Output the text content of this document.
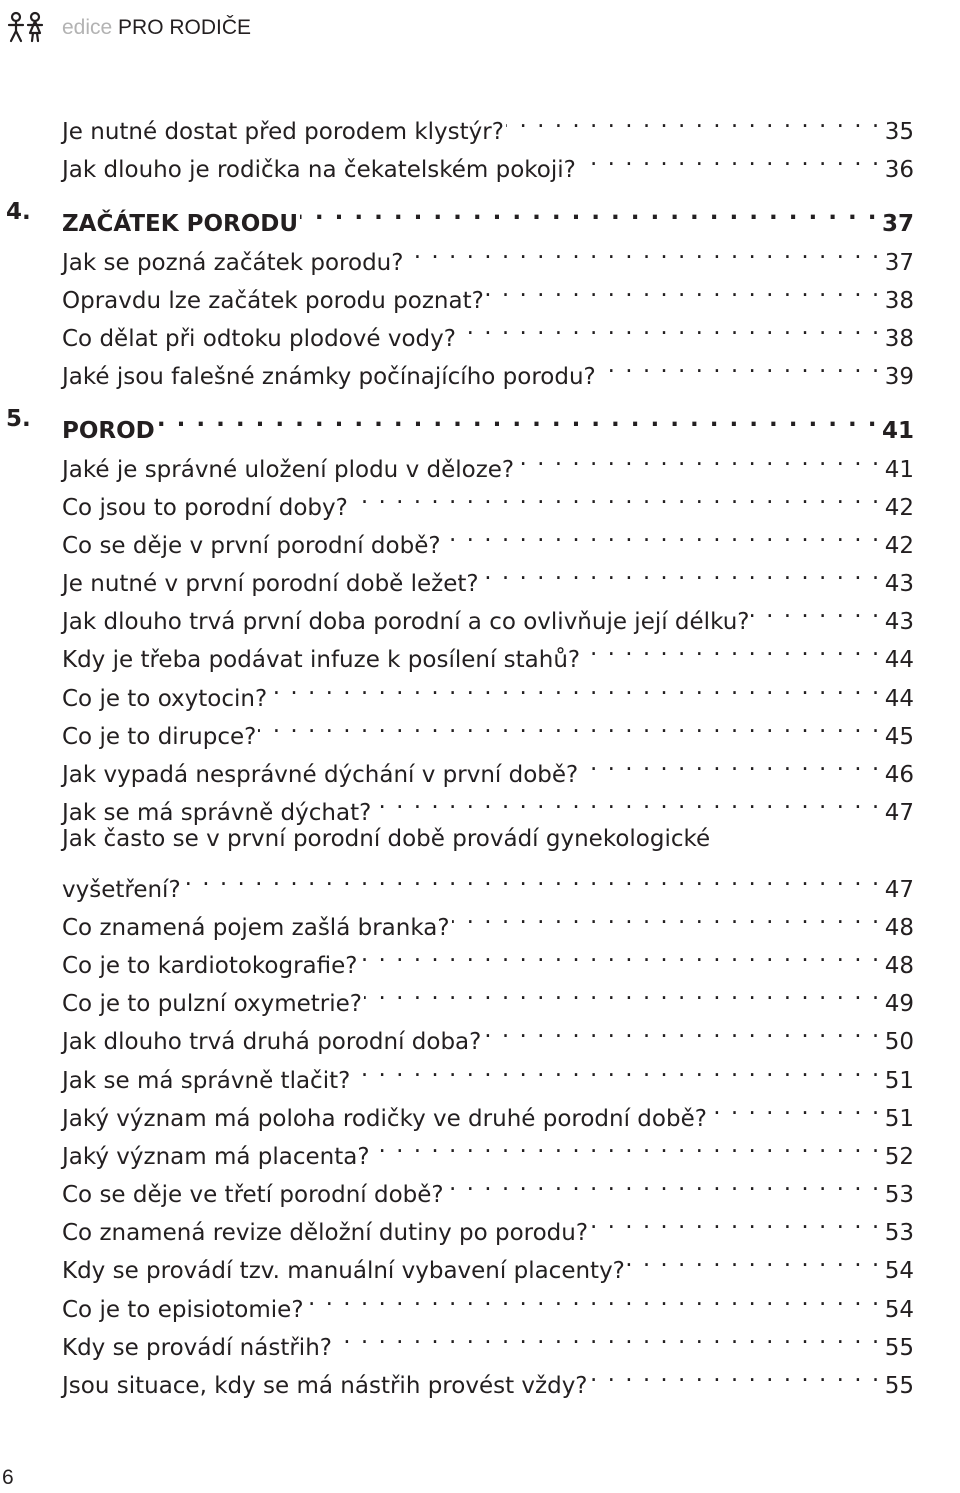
edice PRO RODIČE
Je nutné dostat před porodem klystýr? . . .	35
Jak dlouho je rodička na čekatelském pokoji? . . .	36
4. ZAČÁTEK PORODU . . .	37
Jak se pozná začátek porodu? . . .	37
Opravdu lze začátek porodu poznat? . . .	38
Co dělat při odtoku plodové vody? . . .	38
Jaké jsou falešné známky počínajícího porodu? . . .	39
5. POROD . . .	41
Jaké je správné uložení plodu v děloze? . . .	41
Co jsou to porodní doby? . . .	42
Co se děje v první porodní době? . . .	42
Je nutné v první porodní době ležet? . . .	43
Jak dlouho trvá první doba porodní a co ovlivňuje její délku? . . .	43
Kdy je třeba podávat infuze k posílení stahů? . . .	44
Co je to oxytocin? . . .	44
Co je to dirupce? . . .	45
Jak vypadá nesprávné dýchání v první době? . . .	46
Jak se má správně dýchat? . . .	47
Jak často se v první porodní době provádí gynekologické
vyšetření? . . .	47
Co znamená pojem zašlá branka? . . .	48
Co je to kardiotokografie? . . .	48
Co je to pulzní oxymetrie? . . .	49
Jak dlouho trvá druhá porodní doba? . . .	50
Jak se má správně tlačit? . . .	51
Jaký význam má poloha rodičky ve druhé porodní době? . . .	51
Jaký význam má placenta? . . .	52
Co se děje ve třetí porodní době? . . .	53
Co znamená revize děložní dutiny po porodu? . . .	53
Kdy se provádí tzv. manuální vybavení placenty? . . .	54
Co je to episiotomie? . . .	54
Kdy se provádí nástřih? . . .	55
Jsou situace, kdy se má nástřih provést vždy? . . .	55
6
